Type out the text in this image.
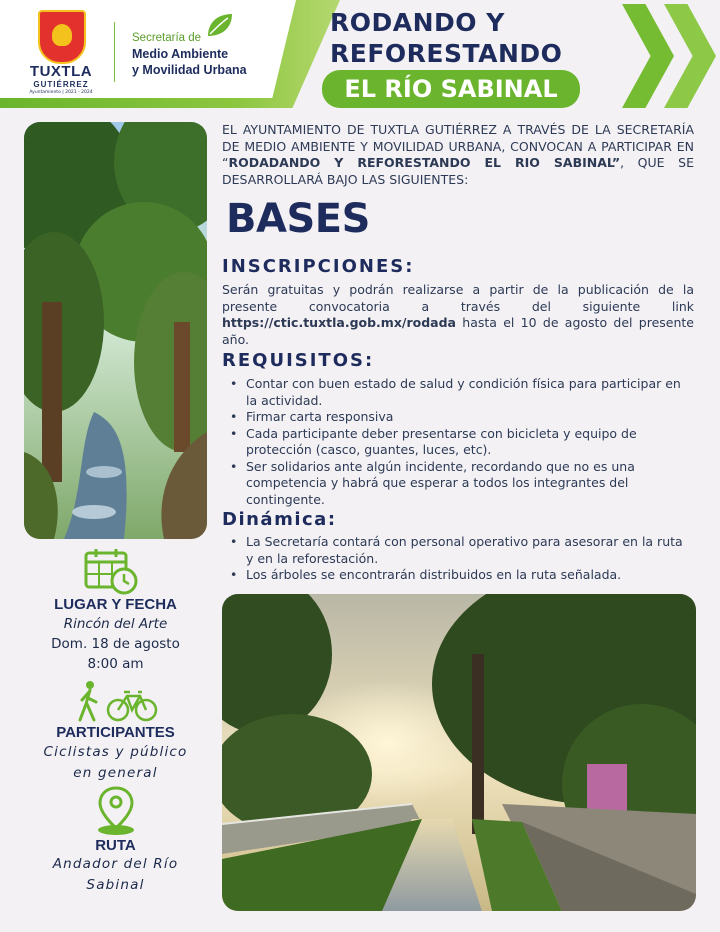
TUXTLA
GUTIÉRREZ
Ayuntamiento | 2021 - 2024
Secretaría de
Medio Ambiente
y Movilidad Urbana
RODANDO Y
REFORESTANDO
EL RÍO SABINAL
EL AYUNTAMIENTO DE TUXTLA GUTIÉRREZ A TRAVÉS DE LA SECRETARÍA DE MEDIO AMBIENTE Y MOVILIDAD URBANA, CONVOCAN A PARTICIPAR EN “RODADANDO Y REFORESTANDO EL RIO SABINAL”, QUE SE DESARROLLARÁ BAJO LAS SIGUIENTES:
BASES
INSCRIPCIONES:
Serán gratuitas y podrán realizarse a partir de la publicación de la presente convocatoria a través del siguiente link https://ctic.tuxtla.gob.mx/rodada hasta el 10 de agosto del presente año.
REQUISITOS:
• Contar con buen estado de salud y condición física para participar en la actividad.
• Firmar carta responsiva
• Cada participante deber presentarse con bicicleta y equipo de protección (casco, guantes, luces, etc).
• Ser solidarios ante algún incidente, recordando que no es una competencia y habrá que esperar a todos los integrantes del contingente.
Dinámica:
• La Secretaría contará con personal operativo para asesorar en la ruta y en la reforestación.
• Los árboles se encontrarán distribuidos en la ruta señalada.
LUGAR Y FECHA
Rincón del Arte
Dom. 18 de agosto
8:00 am
PARTICIPANTES
Ciclistas y público
en general
RUTA
Andador del Río
Sabinal
